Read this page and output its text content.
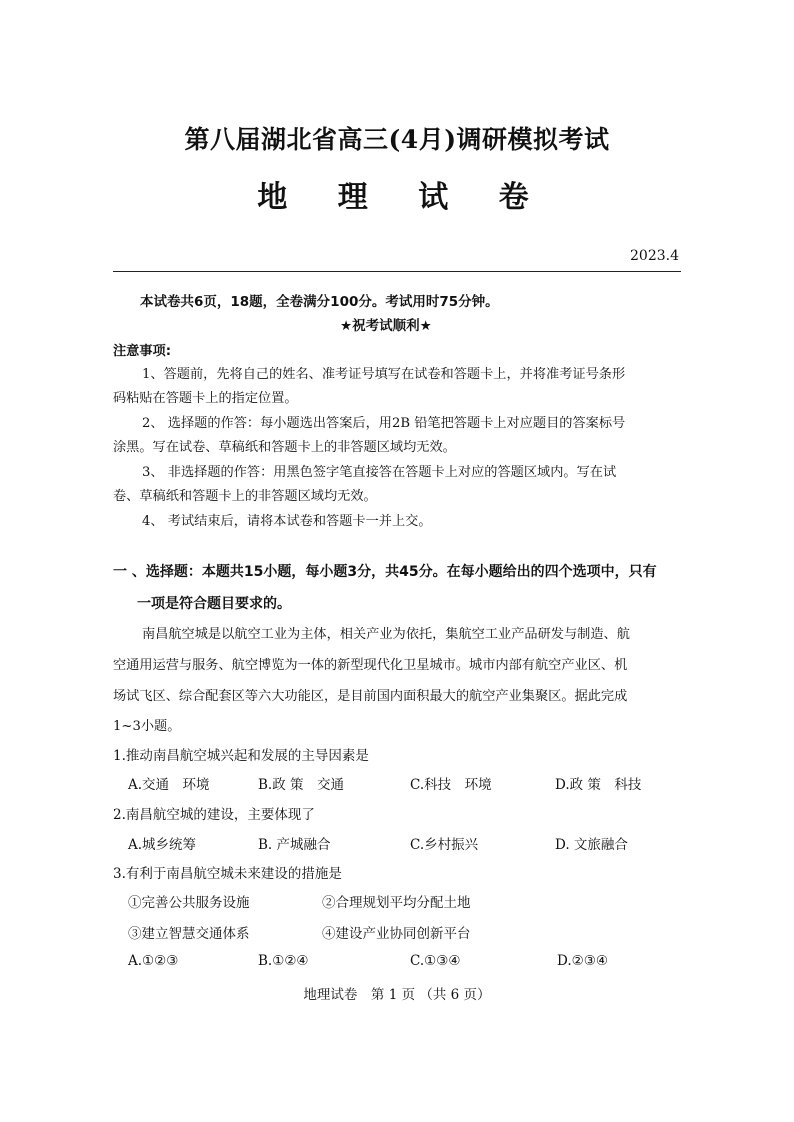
第八届湖北省高三(4月)调研模拟考试
地 理 试 卷
2023.4
本试卷共6页，18题，全卷满分100分。考试用时75分钟。
★祝考试顺利★
注意事项:
1、答题前，先将自己的姓名、准考证号填写在试卷和答题卡上，并将准考证号条形
码粘贴在答题卡上的指定位置。
2、 选择题的作答：每小题选出答案后，用2B 铅笔把答题卡上对应题目的答案标号
涂黑。写在试卷、草稿纸和答题卡上的非答题区域均无效。
3、 非选择题的作答：用黑色签字笔直接答在答题卡上对应的答题区域内。写在试
卷、草稿纸和答题卡上的非答题区域均无效。
4、 考试结束后，请将本试卷和答题卡一并上交。
一 、选择题：本题共15小题，每小题3分，共45分。在每小题给出的四个选项中，只有
一项是符合题目要求的。
南昌航空城是以航空工业为主体，相关产业为依托，集航空工业产品研发与制造、航
空通用运营与服务、航空博览为一体的新型现代化卫星城市。城市内部有航空产业区、机
场试飞区、综合配套区等六大功能区，是目前国内面积最大的航空产业集聚区。据此完成
1~3小题。
1.推动南昌航空城兴起和发展的主导因素是
A.交通　环境	B.政 策　交通	C.科技　环境	D.政 策　科技
2.南昌航空城的建设，主要体现了
A.城乡统筹	B. 产城融合	C.乡村振兴	D. 文旅融合
3.有利于南昌航空城未来建设的措施是
①完善公共服务设施	②合理规划平均分配土地
③建立智慧交通体系	④建设产业协同创新平台
A.①②③	B.①②④	C.①③④	D.②③④
地理试卷　第 1 页 （共 6 页）
